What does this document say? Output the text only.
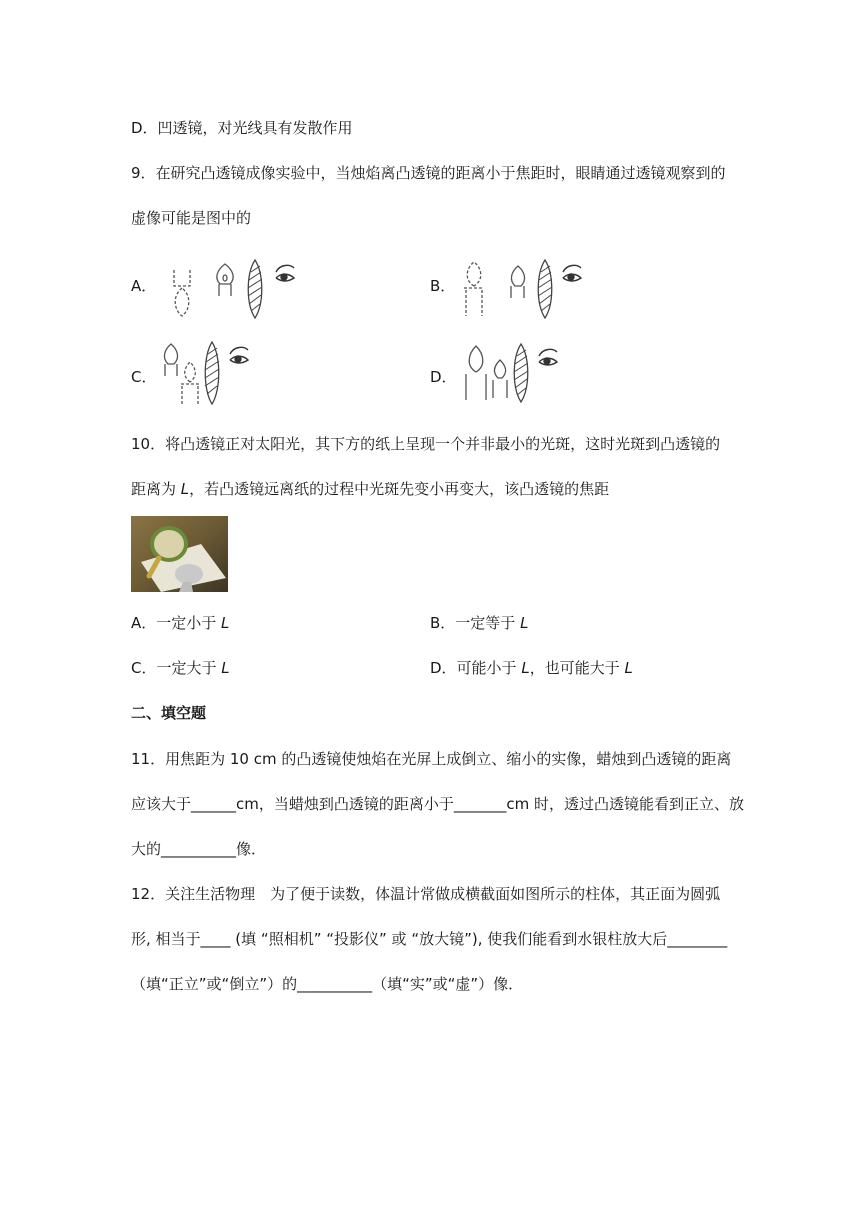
D．凹透镜，对光线具有发散作用
9．在研究凸透镜成像实验中，当烛焰离凸透镜的距离小于焦距时，眼睛通过透镜观察到的
虚像可能是图中的
A．	B．
C．	D．
10．将凸透镜正对太阳光，其下方的纸上呈现一个并非最小的光斑，这时光斑到凸透镜的
距离为 L，若凸透镜远离纸的过程中光斑先变小再变大，该凸透镜的焦距
A．一定小于 L	B．一定等于 L
C．一定大于 L	D．可能小于 L，也可能大于 L
二、填空题
11．用焦距为 10 cm 的凸透镜使烛焰在光屏上成倒立、缩小的实像，蜡烛到凸透镜的距离
应该大于______cm，当蜡烛到凸透镜的距离小于_______cm 时，透过凸透镜能看到正立、放
大的__________像．
12．关注生活物理　为了便于读数，体温计常做成横截面如图所示的柱体，其正面为圆弧
形, 相当于____ (填 “照相机” “投影仪” 或 “放大镜”), 使我们能看到水银柱放大后________
（填“正立”或“倒立”）的__________（填“实”或“虚”）像．
